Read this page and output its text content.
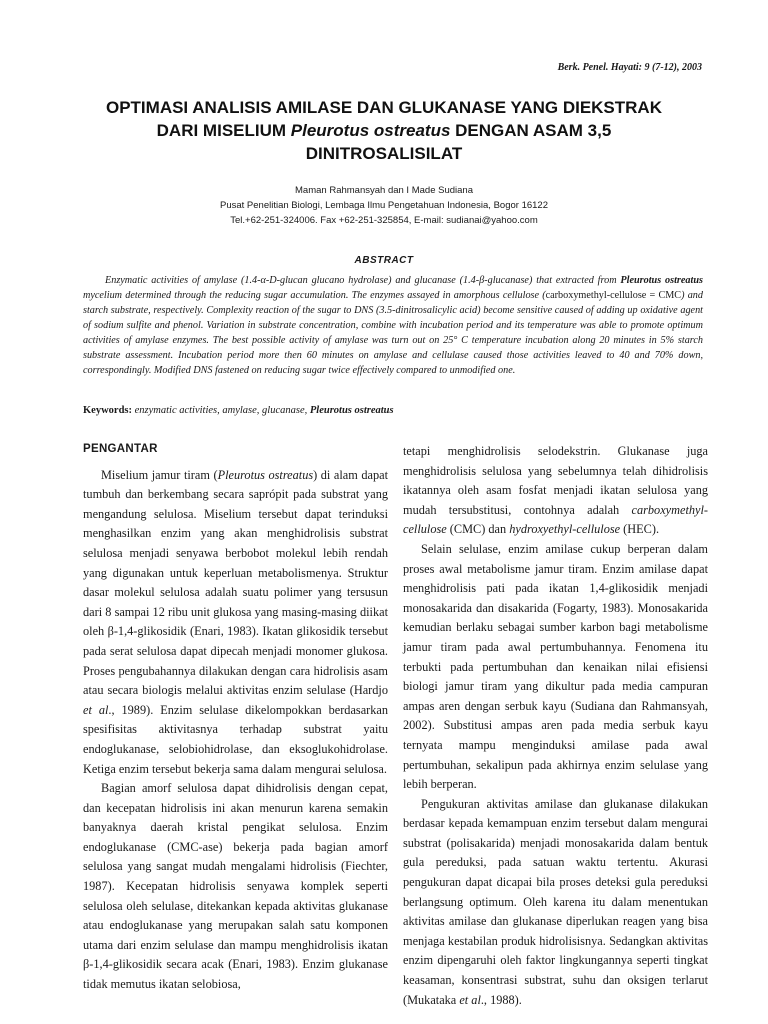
Berk. Penel. Hayati: 9 (7-12), 2003
OPTIMASI ANALISIS AMILASE DAN GLUKANASE YANG DIEKSTRAK
DARI MISELIUM Pleurotus ostreatus DENGAN ASAM 3,5
DINITROSALISILAT
Maman Rahmansyah dan I Made Sudiana
Pusat Penelitian Biologi, Lembaga Ilmu Pengetahuan Indonesia, Bogor 16122
Tel.+62-251-324006. Fax +62-251-325854, E-mail: sudianai@yahoo.com
ABSTRACT

Enzymatic activities of amylase (1.4-α-D-glucan glucano hydrolase) and glucanase (1.4-β-glucanase) that extracted from Pleurotus ostreatus mycelium determined through the reducing sugar accumulation. The enzymes assayed in amorphous cellulose (carboxymethyl-cellulose = CMC) and starch substrate, respectively. Complexity reaction of the sugar to DNS (3.5-dinitrosalicylic acid) become sensitive caused of adding up oxidative agent of sodium sulfite and phenol. Variation in substrate concentration, combine with incubation period and its temperature was able to promote optimum activities of amylase enzymes. The best possible activity of amylase was turn out on 25° C temperature incubation along 20 minutes in 5% starch substrate assessment. Incubation period more then 60 minutes on amylase and cellulase caused those activities leaved to 40 and 70% down, correspondingly. Modified DNS fastened on reducing sugar twice effectively compared to unmodified one.

Keywords: enzymatic activities, amylase, glucanase, Pleurotus ostreatus
PENGANTAR

Miselium jamur tiram (Pleurotus ostreatus) di alam dapat tumbuh dan berkembang secara saprópit pada substrat yang mengandung selulosa. Miselium tersebut dapat terinduksi menghasilkan enzim yang akan menghidrolisis substrat selulosa menjadi senyawa berbobot molekul lebih rendah yang digunakan untuk keperluan metabolismenya. Struktur dasar molekul selulosa adalah suatu polimer yang tersusun dari 8 sampai 12 ribu unit glukosa yang masing-masing diikat oleh β-1,4-glikosidik (Enari, 1983). Ikatan glikosidik tersebut pada serat selulosa dapat dipecah menjadi monomer glukosa. Proses pengubahannya dilakukan dengan cara hidrolisis asam atau secara biologis melalui aktivitas enzim selulase (Hardjo et al., 1989). Enzim selulase dikelompokkan berdasarkan spesifisitas aktivitasnya terhadap substrat yaitu endoglukanase, selobiohidrolase, dan eksoglukohidrolase. Ketiga enzim tersebut bekerja sama dalam mengurai selulosa.

Bagian amorf selulosa dapat dihidrolisis dengan cepat, dan kecepatan hidrolisis ini akan menurun karena semakin banyaknya daerah kristal pengikat selulosa. Enzim endoglukanase (CMC-ase) bekerja pada bagian amorf selulosa yang sangat mudah mengalami hidrolisis (Fiechter, 1987). Kecepatan hidrolisis senyawa komplek seperti selulosa oleh selulase, ditekankan kepada aktivitas glukanase atau endoglukanase yang merupakan salah satu komponen utama dari enzim selulase dan mampu menghidrolisis ikatan β-1,4-glikosidik secara acak (Enari, 1983). Enzim glukanase tidak memutus ikatan selobiosa,

tetapi menghidrolisis selodekstrin. Glukanase juga menghidrolisis selulosa yang sebelumnya telah dihidrolisis ikatannya oleh asam fosfat menjadi ikatan selulosa yang mudah tersubstitusi, contohnya adalah carboxymethyl-cellulose (CMC) dan hydroxyethyl-cellulose (HEC).

Selain selulase, enzim amilase cukup berperan dalam proses awal metabolisme jamur tiram. Enzim amilase dapat menghidrolisis pati pada ikatan 1,4-glikosidik menjadi monosakarida dan disakarida (Fogarty, 1983). Monosakarida kemudian berlaku sebagai sumber karbon bagi metabolisme jamur tiram pada awal pertumbuhannya. Fenomena itu terbukti pada pertumbuhan dan kenaikan nilai efisiensi biologi jamur tiram yang dikultur pada media campuran ampas aren dengan serbuk kayu (Sudiana dan Rahmansyah, 2002). Substitusi ampas aren pada media serbuk kayu ternyata mampu menginduksi amilase pada awal pertumbuhan, sekalipun pada akhirnya enzim selulase yang lebih berperan.

Pengukuran aktivitas amilase dan glukanase dilakukan berdasar kepada kemampuan enzim tersebut dalam mengurai substrat (polisakarida) menjadi monosakarida dalam bentuk gula pereduksi, pada satuan waktu tertentu. Akurasi pengukuran dapat dicapai bila proses deteksi gula pereduksi berlangsung optimum. Oleh karena itu dalam menentukan aktivitas amilase dan glukanase diperlukan reagen yang bisa menjaga kestabilan produk hidrolisisnya. Sedangkan aktivitas enzim dipengaruhi oleh faktor lingkungannya seperti tingkat keasaman, konsentrasi substrat, suhu dan oksigen terlarut (Mukataka et al., 1988).
